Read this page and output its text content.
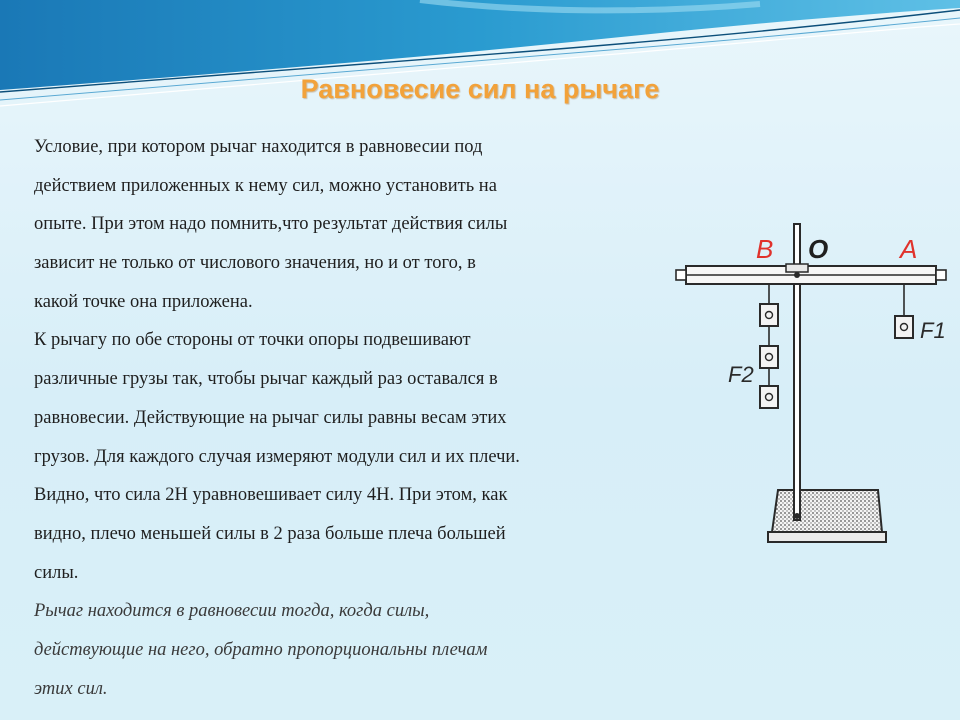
Равновесие сил на рычаге
Условие, при котором рычаг находится в равновесии под
действием приложенных к нему сил, можно установить на
опыте. При этом надо помнить,что результат действия силы
зависит не только от числового значения, но и от того, в
какой точке она приложена.
К рычагу по обе стороны от точки опоры подвешивают
различные грузы так, чтобы рычаг каждый раз оставался в
равновесии. Действующие на рычаг силы равны весам этих
грузов. Для каждого случая измеряют модули сил и их плечи.
Видно, что сила 2Н уравновешивает силу 4Н. При этом, как
видно, плечо меньшей силы в 2 раза больше плеча большей
силы.
Рычаг находится в равновесии тогда, когда силы,
действующие на него, обратно пропорциональны плечам
этих сил.
B O	A
F2
F1
